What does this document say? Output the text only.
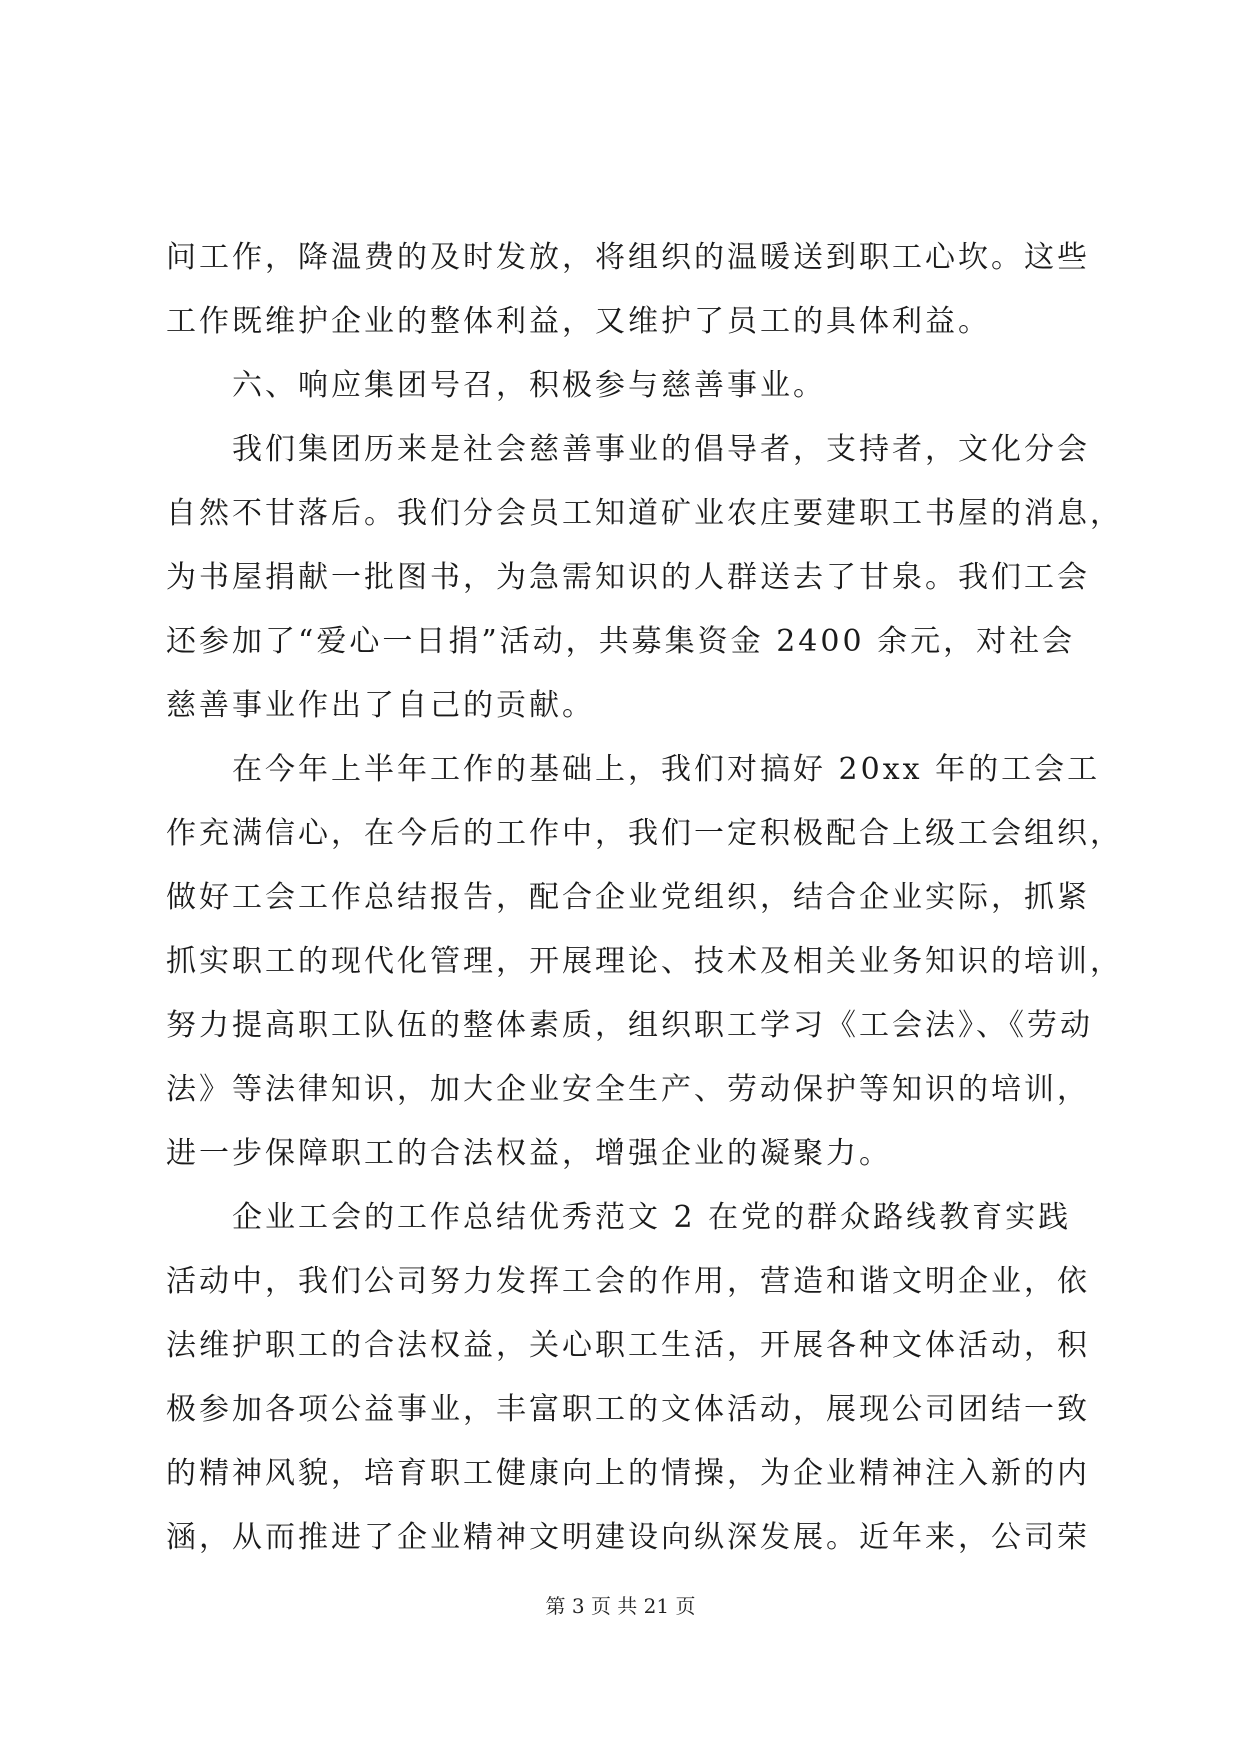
问工作，降温费的及时发放，将组织的温暖送到职工心坎。这些
工作既维护企业的整体利益，又维护了员工的具体利益。
六、响应集团号召，积极参与慈善事业。
我们集团历来是社会慈善事业的倡导者，支持者，文化分会
自然不甘落后。我们分会员工知道矿业农庄要建职工书屋的消息，
为书屋捐献一批图书，为急需知识的人群送去了甘泉。我们工会
还参加了“爱心一日捐”活动，共募集资金 2400 余元，对社会
慈善事业作出了自己的贡献。
在今年上半年工作的基础上，我们对搞好 20xx 年的工会工
作充满信心，在今后的工作中，我们一定积极配合上级工会组织，
做好工会工作总结报告，配合企业党组织，结合企业实际，抓紧
抓实职工的现代化管理，开展理论、技术及相关业务知识的培训，
努力提高职工队伍的整体素质，组织职工学习《工会法》、《劳动
法》等法律知识，加大企业安全生产、劳动保护等知识的培训，
进一步保障职工的合法权益，增强企业的凝聚力。
企业工会的工作总结优秀范文 2 在党的群众路线教育实践
活动中，我们公司努力发挥工会的作用，营造和谐文明企业，依
法维护职工的合法权益，关心职工生活，开展各种文体活动，积
极参加各项公益事业，丰富职工的文体活动，展现公司团结一致
的精神风貌，培育职工健康向上的情操，为企业精神注入新的内
涵，从而推进了企业精神文明建设向纵深发展。近年来，公司荣
第 3 页 共 21 页
